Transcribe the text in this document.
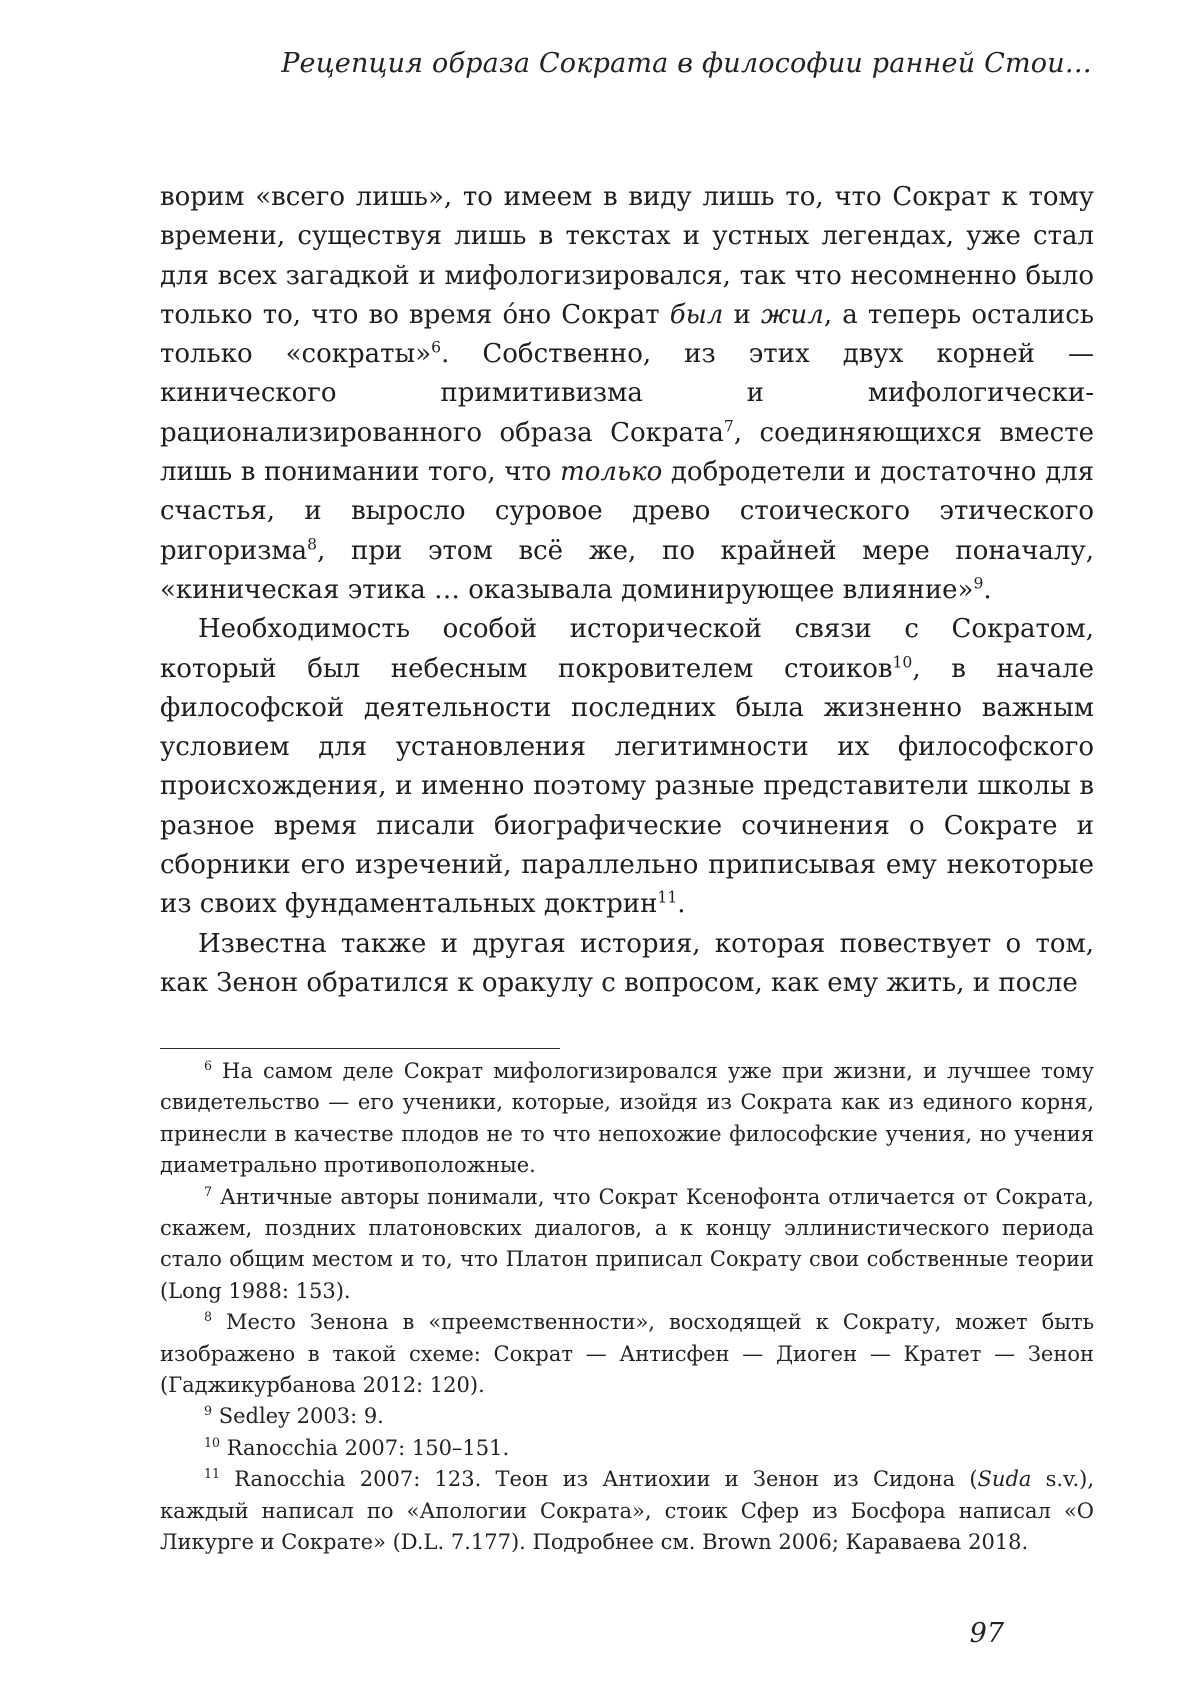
Рецепция образа Сократа в философии ранней Стои…

ворим «всего лишь», то имеем в виду лишь то, что Сократ к тому времени, существуя лишь в текстах и устных легендах, уже стал для всех загадкой и мифологизировался, так что несомненно было только то, что во время о́но Сократ был и жил, а теперь остались только «сократы»$^6$. Собственно, из этих двух корней — кинического примитивизма и мифологически-рационализированного образа Сократа$^7$, соединяющихся вместе лишь в понимании того, что только добродетели и достаточно для счастья, и выросло суровое древо стоического этического ригоризма$^8$, при этом всё же, по крайней мере поначалу, «киническая этика … оказывала доминирующее влияние»$^9$.

Необходимость особой исторической связи с Сократом, который был небесным покровителем стоиков$^{10}$, в начале философской деятельности последних была жизненно важным условием для установления легитимности их философского происхождения, и именно поэтому разные представители школы в разное время писали биографические сочинения о Сократе и сборники его изречений, параллельно приписывая ему некоторые из своих фундаментальных доктрин$^{11}$.

Известна также и другая история, которая повествует о том, как Зенон обратился к оракулу с вопросом, как ему жить, и после

$^6$ На самом деле Сократ мифологизировался уже при жизни, и лучшее тому свидетельство — его ученики, которые, изойдя из Сократа как из единого корня, принесли в качестве плодов не то что непохожие философские учения, но учения диаметрально противоположные.

$^7$ Античные авторы понимали, что Сократ Ксенофонта отличается от Сократа, скажем, поздних платоновских диалогов, а к концу эллинистического периода стало общим местом и то, что Платон приписал Сократу свои собственные теории (Long 1988: 153).

$^8$ Место Зенона в «преемственности», восходящей к Сократу, может быть изображено в такой схеме: Сократ — Антисфен — Диоген — Кратет — Зенон (Гаджикурбанова 2012: 120).

$^9$ Sedley 2003: 9.

$^{10}$ Ranocchia 2007: 150–151.

$^{11}$ Ranocchia 2007: 123. Теон из Антиохии и Зенон из Сидона (Suda s.v.), каждый написал по «Апологии Сократа», стоик Сфер из Босфора написал «О Ликурге и Сократе» (D.L. 7.177). Подробнее см. Brown 2006; Караваева 2018.

97
